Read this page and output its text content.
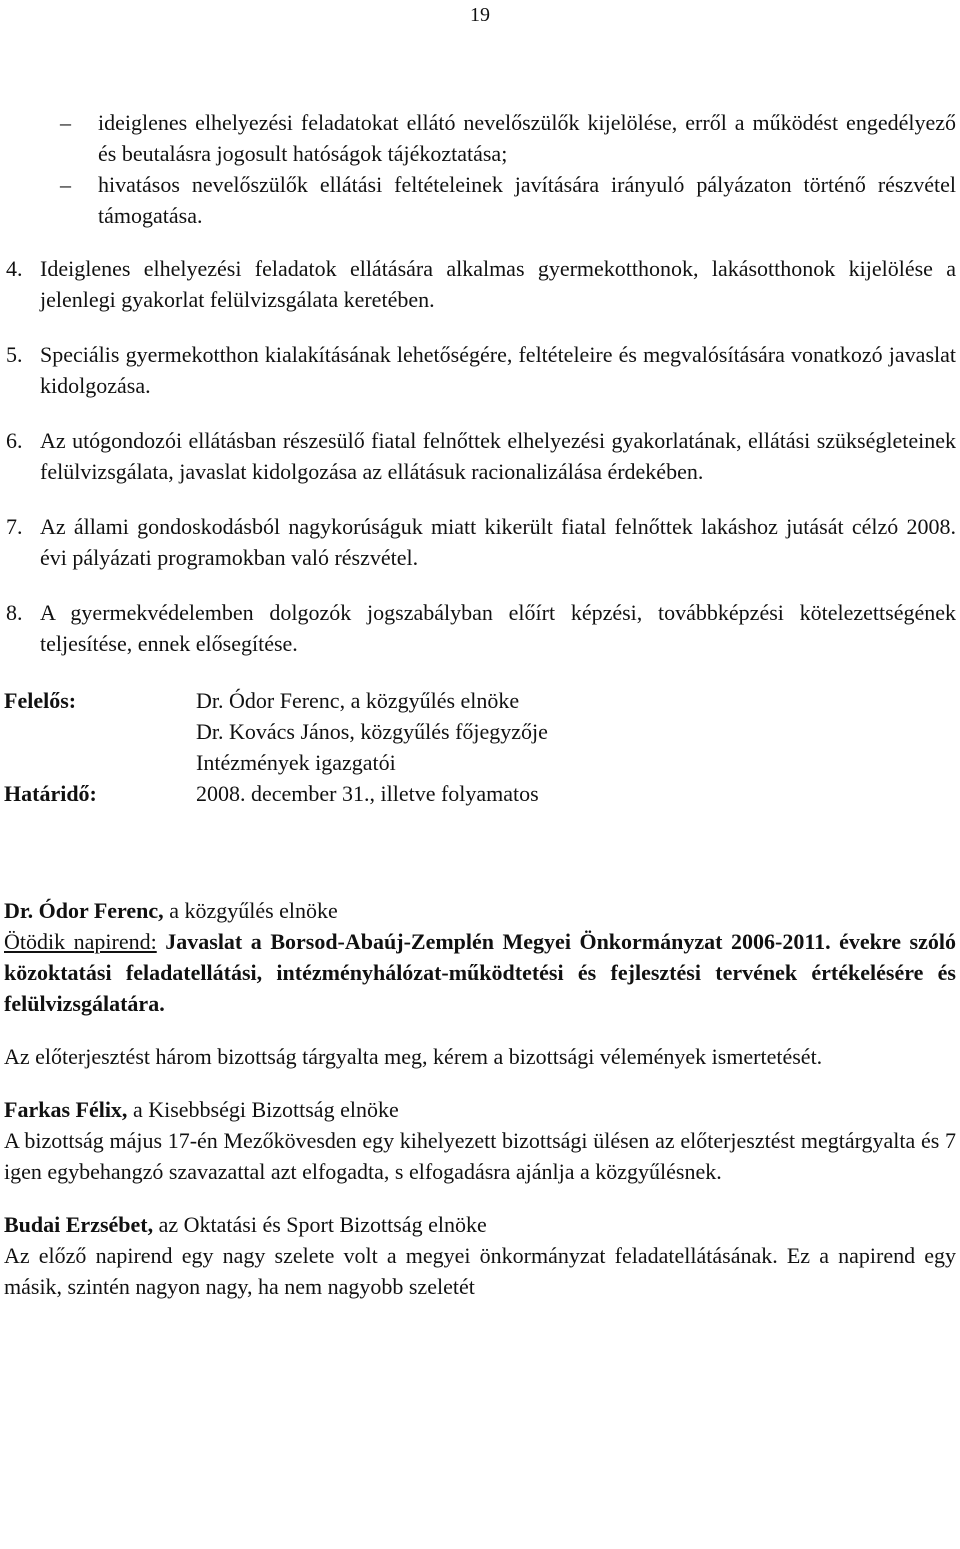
19
–	ideiglenes elhelyezési feladatokat ellátó nevelőszülők kijelölése, erről a működést engedélyező és beutalásra jogosult hatóságok tájékoztatása;
–	hivatásos nevelőszülők ellátási feltételeinek javítására irányuló pályázaton történő részvétel támogatása.
4. Ideiglenes elhelyezési feladatok ellátására alkalmas gyermekotthonok, lakásotthonok kijelölése a jelenlegi gyakorlat felülvizsgálata keretében.
5. Speciális gyermekotthon kialakításának lehetőségére, feltételeire és megvalósítására vonatkozó javaslat kidolgozása.
6. Az utógondozói ellátásban részesülő fiatal felnőttek elhelyezési gyakorlatának, ellátási szükségleteinek felülvizsgálata, javaslat kidolgozása az ellátásuk racionalizálása érdekében.
7. Az állami gondoskodásból nagykorúságuk miatt kikerült fiatal felnőttek lakáshoz jutását célzó 2008. évi pályázati programokban való részvétel.
8. A gyermekvédelemben dolgozók jogszabályban előírt képzési, továbbképzési kötelezettségének teljesítése, ennek elősegítése.
Felelős:	Dr. Ódor Ferenc, a közgyűlés elnöke
Dr. Kovács János, közgyűlés főjegyzője
Intézmények igazgatói
Határidő:	2008. december 31., illetve folyamatos
Dr. Ódor Ferenc, a közgyűlés elnöke
Ötödik napirend: Javaslat a Borsod-Abaúj-Zemplén Megyei Önkormányzat 2006-2011. évekre szóló közoktatási feladatellátási, intézményhálózat-működtetési és fejlesztési tervének értékelésére és felülvizsgálatára.
Az előterjesztést három bizottság tárgyalta meg, kérem a bizottsági vélemények ismertetését.
Farkas Félix, a Kisebbségi Bizottság elnöke
A bizottság május 17-én Mezőkövesden egy kihelyezett bizottsági ülésen az előterjesztést megtárgyalta és 7 igen egybehangzó szavazattal azt elfogadta, s elfogadásra ajánlja a közgyűlésnek.
Budai Erzsébet, az Oktatási és Sport Bizottság elnöke
Az előző napirend egy nagy szelete volt a megyei önkormányzat feladatellátásának. Ez a napirend egy másik, szintén nagyon nagy, ha nem nagyobb szeletét
